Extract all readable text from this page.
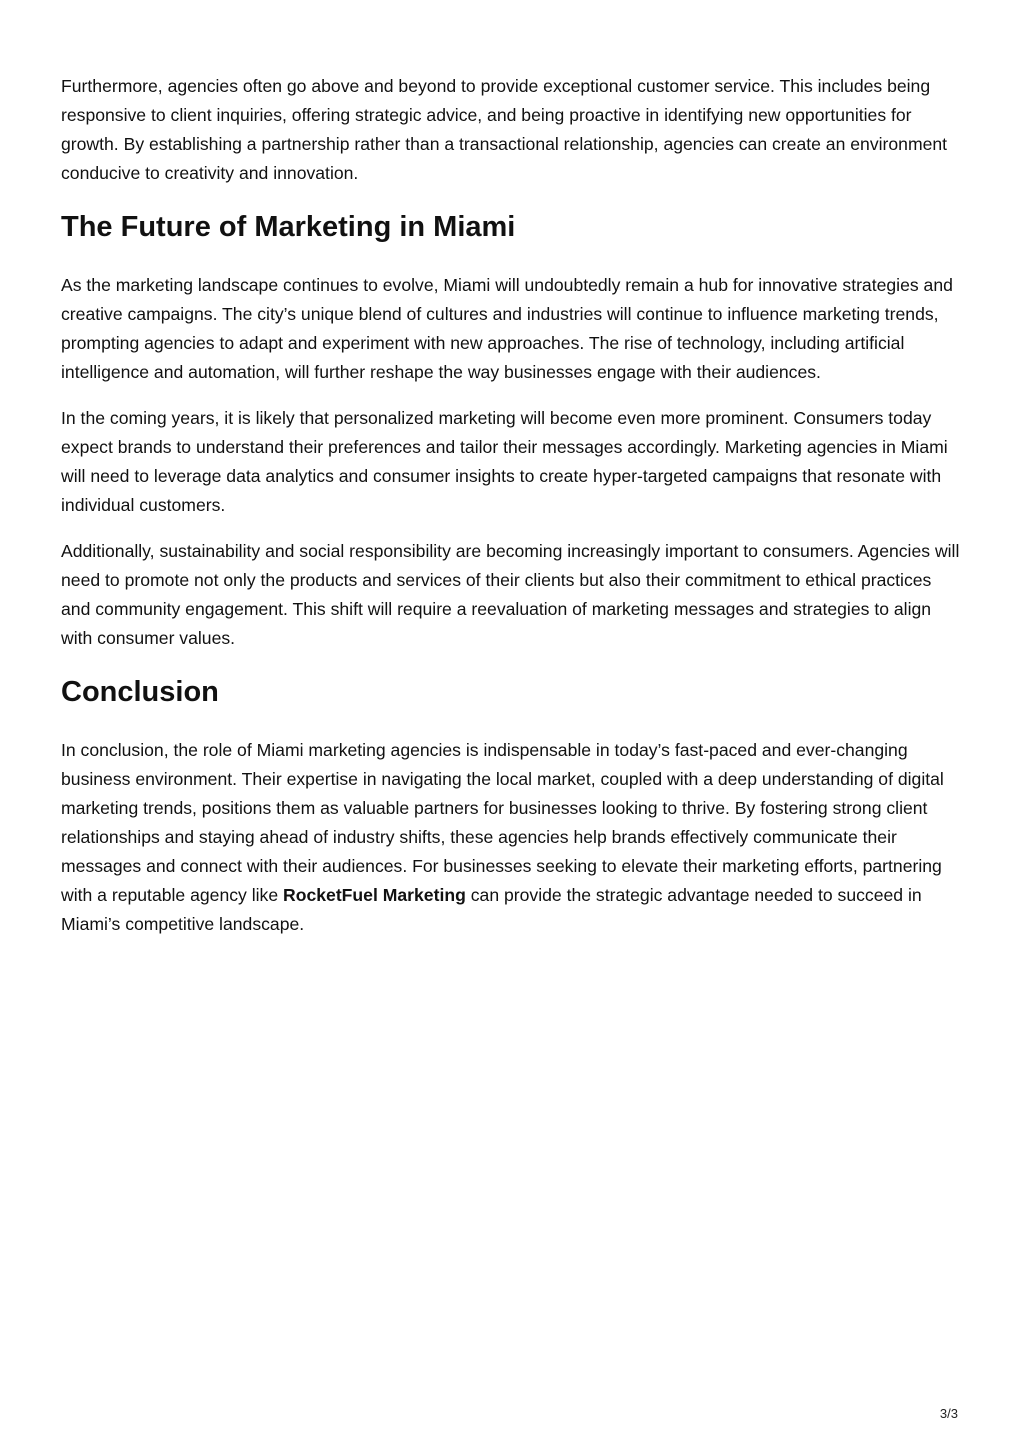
Furthermore, agencies often go above and beyond to provide exceptional customer service. This includes being responsive to client inquiries, offering strategic advice, and being proactive in identifying new opportunities for growth. By establishing a partnership rather than a transactional relationship, agencies can create an environment conducive to creativity and innovation.

The Future of Marketing in Miami

As the marketing landscape continues to evolve, Miami will undoubtedly remain a hub for innovative strategies and creative campaigns. The city’s unique blend of cultures and industries will continue to influence marketing trends, prompting agencies to adapt and experiment with new approaches. The rise of technology, including artificial intelligence and automation, will further reshape the way businesses engage with their audiences.

In the coming years, it is likely that personalized marketing will become even more prominent. Consumers today expect brands to understand their preferences and tailor their messages accordingly. Marketing agencies in Miami will need to leverage data analytics and consumer insights to create hyper-targeted campaigns that resonate with individual customers.

Additionally, sustainability and social responsibility are becoming increasingly important to consumers. Agencies will need to promote not only the products and services of their clients but also their commitment to ethical practices and community engagement. This shift will require a reevaluation of marketing messages and strategies to align with consumer values.

Conclusion

In conclusion, the role of Miami marketing agencies is indispensable in today’s fast-paced and ever-changing business environment. Their expertise in navigating the local market, coupled with a deep understanding of digital marketing trends, positions them as valuable partners for businesses looking to thrive. By fostering strong client relationships and staying ahead of industry shifts, these agencies help brands effectively communicate their messages and connect with their audiences. For businesses seeking to elevate their marketing efforts, partnering with a reputable agency like RocketFuel Marketing can provide the strategic advantage needed to succeed in Miami’s competitive landscape.

3/3
